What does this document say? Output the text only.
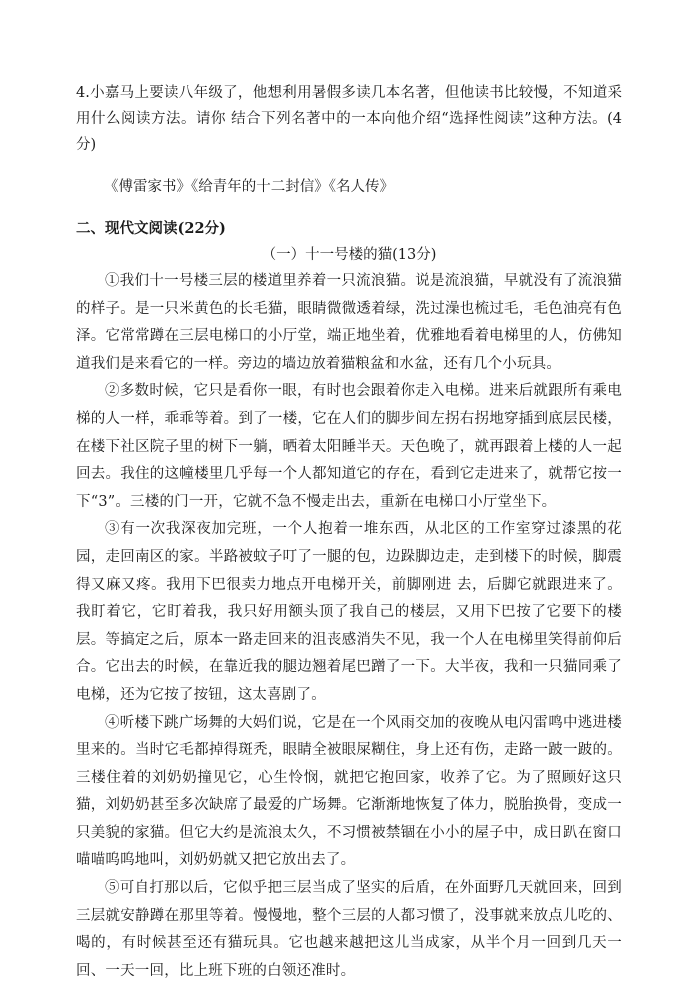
4.小嘉马上要读八年级了，他想利用暑假多读几本名著，但他读书比较慢，不知道采用什么阅读方法。请你 结合下列名著中的一本向他介绍“选择性阅读”这种方法。(4分)

《傅雷家书》《给青年的十二封信》《名人传》
二、现代文阅读(22分)

（一）十一号楼的猫(13分)

①我们十一号楼三层的楼道里养着一只流浪猫。说是流浪猫，早就没有了流浪猫的样子。是一只米黄色的长毛猫，眼睛微微透着绿，洗过澡也梳过毛，毛色油亮有色泽。它常常蹲在三层电梯口的小厅堂，端正地坐着，优雅地看着电梯里的人，仿佛知道我们是来看它的一样。旁边的墙边放着猫粮盆和水盆，还有几个小玩具。

②多数时候，它只是看你一眼，有时也会跟着你走入电梯。进来后就跟所有乘电梯的人一样，乖乖等着。到了一楼，它在人们的脚步间左拐右拐地穿插到底层民楼，在楼下社区院子里的树下一躺，晒着太阳睡半天。天色晚了，就再跟着上楼的人一起回去。我住的这幢楼里几乎每一个人都知道它的存在，看到它走进来了，就帮它按一下“3”。三楼的门一开，它就不急不慢走出去，重新在电梯口小厅堂坐下。

③有一次我深夜加完班，一个人抱着一堆东西，从北区的工作室穿过漆黑的花园，走回南区的家。半路被蚊子叮了一腿的包，边跺脚边走，走到楼下的时候，脚震得又麻又疼。我用下巴很卖力地点开电梯开关，前脚刚进 去，后脚它就跟进来了。我盯着它，它盯着我，我只好用额头顶了我自己的楼层，又用下巴按了它要下的楼层。等搞定之后，原本一路走回来的沮丧感消失不见，我一个人在电梯里笑得前仰后合。它出去的时候，在靠近我的腿边翘着尾巴蹭了一下。大半夜，我和一只猫同乘了电梯，还为它按了按钮，这太喜剧了。

④听楼下跳广场舞的大妈们说，它是在一个风雨交加的夜晚从电闪雷鸣中逃进楼里来的。当时它毛都掉得斑秃，眼睛全被眼屎糊住，身上还有伤，走路一跛一跛的。三楼住着的刘奶奶撞见它，心生怜悯，就把它抱回家，收养了它。为了照顾好这只猫，刘奶奶甚至多次缺席了最爱的广场舞。它渐渐地恢复了体力，脱胎换骨，变成一只美貌的家猫。但它大约是流浪太久，不习惯被禁锢在小小的屋子中，成日趴在窗口喵喵呜呜地叫，刘奶奶就又把它放出去了。

⑤可自打那以后，它似乎把三层当成了坚实的后盾，在外面野几天就回来，回到三层就安静蹲在那里等着。慢慢地，整个三层的人都习惯了，没事就来放点儿吃的、喝的，有时候甚至还有猫玩具。它也越来越把这儿当成家，从半个月一回到几天一回、一天一回，比上班下班的白领还准时。
